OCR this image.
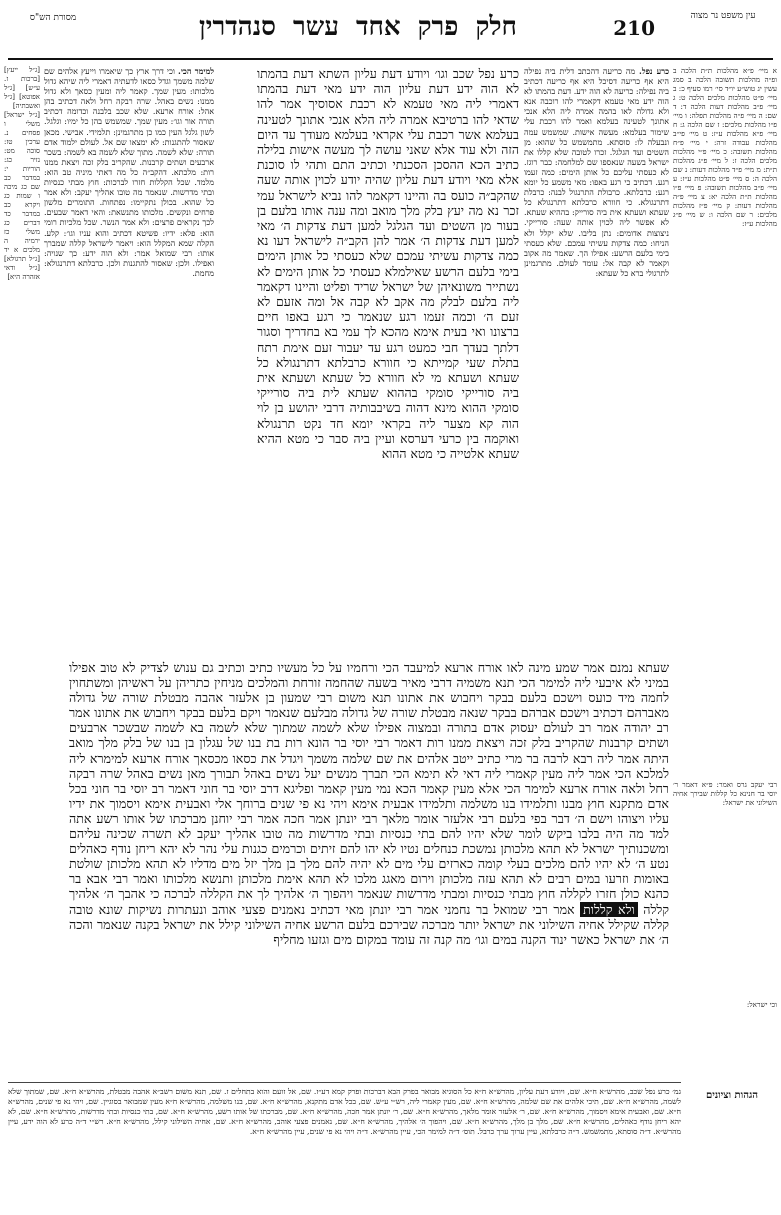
עין משפט נר מצוה
210
חלק פרק אחד עשר סנהדרין
מסורת הש"ס
א מיי׳ פ״א מהלכות ת״ת הלכה ב ופ״ה מהלכות תשובה הלכה ב סמג עשין יג טוש״ע יו״ד סי׳ רמו סעיף כ: ב מיי׳ פ״ט מהלכות מלכים הלכה ט: ג מיי׳ פ״ב מהלכות דעות הלכה ד: ד שם: ה מיי׳ פ״ה מהלכות תפלה: ו מיי׳ פ״ו מהלכות מלכים: ז שם הלכה ג: ח מיי׳ פ״א מהלכות ע״ז: ט מיי׳ פי״ב מהלכות עבודה זרה: י מיי׳ פ״ח מהלכות תשובה: כ מיי׳ פ״י מהלכות מלכים הלכה ז: ל מיי׳ פ״ג מהלכות ת״ת: מ מיי׳ פ״ד מהלכות דעות: נ שם הלכה ה: ס מיי׳ פ״ט מהלכות ע״ז: ע מיי׳ פ״ב מהלכות תשובה: פ מיי׳ פ״ו מהלכות ת״ת הלכה יא: צ מיי׳ פ״ה מהלכות דעות: ק מיי׳ פ״ז מהלכות מלכים: ר שם הלכה ו: ש מיי׳ פ״ג מהלכות ע״ז:
רבי יעקב גרס ואמר: פ״א דאמר ר׳ יוסי בר חנינא כל קללות שבירך אחיה השילוני את ישראל:
וכי ישראל:
[ג״ל ייעץ] [ברכות ז. ע״ש] [ג״ל אפוטא] [ג״ל ואשבתיה] [ג״ל ישראל] משלי ו פסחים נ. ערכין טז: סוכה מט: נזיר כג: הוריות י: במדבר כב שם כג מיכה ו שמות כג ויקרא כב במדבר כד דברים כג משלי כז ירמיה ה מלכים א יד [ג״ל תרגולא] [ג״ל ודאי אזהרה היא]
כרע נפל. מה כריעה דהכתב דלית ביה נפילה היא אף כריעה דסיכל היא אף כריעה דכתיב ביה נפילה: כריעה לא הוה ידע. דעת בהמתו לא הוה ידע מאי טעמא דקאמרי להו רוכבה אנא ולא גדולה לאו בהמה אמרה ליה הלא אנכי אתונך לטעינה בעלמא ואמר להו רכבת עלי שימור בעלמא: מעשה אישות. שמשמש עמה ונבעלה לו: סוסתא. מתמשמש כל שהוא: מן השטים ועד הגלגל. זכרו לטובה שלא קללו את ישראל בשעה שנאספו שם למלחמה: כבר רוגז. לא כעסתי עליכם כל אותן הימים: כמה זעמו רגע. דכתיב כי רגע באפו: מאי משמע כל יומא רגע: כרבלתא. כרבולת התרנגול לבנה: כרבלת דתרנגולא. כי חוורא כרבלתא דתרנגולא כל שעתא ושעתא אית ביה סורייק: בההיא שעתא. לא אפשר ליה לכוין אותה שעה: סורייקי. ניצוצות אדומים: נתן בליבו. שלא יקלל ולא הניחו: כמה צדקות עשיתי עמכם. שלא כעסתי בימי בלעם הרשע: אפילו הך. שאמר מה אקוב וקאמר לא קבה אל: עומד לעולם. מתרגמינן לתרגולי ברא כל שעתא:
כרע נפל שכב וגו׳ ויודע דעת עליון השתא דעת בהמתו לא הוה ידע דעת עליון הוה ידע מאי דעת בהמתו דאמרי ליה מאי טעמא לא רכבת אסוסיך אמר להו שדאי להו ברטיבא אמרה ליה הלא אנכי אתונך לטעינה בעלמא אשר רכבת עלי אקראי בעלמא מעודך עד היום הזה ולא עוד אלא שאני עושה לך מעשה אישות בלילה כתיב הכא ההסכן הסכנתי וכתיב התם ותהי לו סוכנת אלא מאי ויודע דעת עליון שהיה יודע לכוין אותה שעה שהקב״ה כועס בה והיינו דקאמר להו נביא לישראל עמי זכר נא מה יעץ בלק מלך מואב ומה ענה אותו בלעם בן בעור מן השטים ועד הגלגל למען דעת צדקות ה׳ מאי למען דעת צדקות ה׳ אמר להן הקב״ה לישראל דעו נא כמה צדקות עשיתי עמכם שלא כעסתי כל אותן הימים בימי בלעם הרשע שאילמלא כעסתי כל אותן הימים לא נשתייר משונאיהן של ישראל שריד ופליט והיינו דקאמר ליה בלעם לבלק מה אקב לא קבה אל ומה אזעם לא זעם ה׳ וכמה זעמו רגע שנאמר כי רגע באפו חיים ברצונו ואי בעית אימא מהכא לך עמי בא בחדריך וסגור דלתך בעדך חבי כמעט רגע עד יעבור זעם אימת רתח בתלת שעי קמייתא כי חוורא כרבלתא דתרנגולא כל שעתא ושעתא מי לא חוורא כל שעתא ושעתא אית ביה סורייקי סומקי בההוא שעתא לית ביה סורייקי סומקי ההוא מינא דהוה בשיבבותיה דרבי יהושע בן לוי הוה קא מצער ליה בקראי יומא חד נקט תרנגולא ואוקמה בין כרעי דערסא ועיין ביה סבר כי מטא ההיא שעתא אלטייה כי מטא ההוא
למימר הכי. וכי דרך ארץ כך שיאמרו וייעץ אלהים שם שלמה משמך וגדל כסאו לדעתיה דאמרי ליה שיהא גדול מלכותו: מעין שמך. קאמר ליה ומעין כסאך ולא גדול ממנו: נשים באהל. שרה רבקה רחל ולאה דכתיב בהן אהל: אורח ארעא. שלא שכב בלבנה וכדומה דכתיב תורה אור וגו׳: מעין שמך. שמשמש בהן כל ימיו: וגלגל. לשון גלגל העין כמו כן מתרגמינן: תלמידי. אבישי. מכאן שאסור להתגנות: לא ימצאו שם אל. לעולם ילמוד אדם תורה: שלא לשמה. מתוך שלא לשמה בא לשמה: בשכר ארבעים ושתים קרבנות. שהקריב בלק זכה ויצאת ממנו רות: מלכתא. דהקב״ה כל מה דאתי מיניה טב הוא: מלמד. שכל הקללות חזרו לברכות: חוץ מבתי כנסיות ובתי מדרשות. שנאמר מה טובו אהליך יעקב: ולא אמר כל שהוא. בכולן נתקיימו: נפתחות. התומרים מלשון פרחים ונקשים. מלכותו מתנשאת: והאי דאמר שבעים. לכך נקראים פרצים: ולא אמר הנשר. שכל מלכיות רומי הוא: פלא: ידיו: פשיטא דכתיב והוא עניו וגו׳: קלע. הקלה שמא המקלל הוא: ויאמר לישראל קללה שמברך אותו: רבי שמואל אמר: ולא הוה ידע: כך שנויה: ואפילו. ולכן: שאסור להתגנות ולכן. כרבלתא דתרנגולא: מחמת.
שעתא נמנם אמר שמע מינה לאו אורח ארעא למיעבד הכי ורחמיו על כל מעשיו כתיב וכתיב גם ענוש לצדיק לא טוב אפילו במיני לא איבעי ליה למימר הכי תנא משמיה דרבי מאיר בשעה שהחמה זורחת והמלכים מניחין כתריהן על ראשיהן ומשתחוין לחמה מיד כועס וישכם בלעם בבקר ויחבוש את אתונו תנא משום רבי שמעון בן אלעזר אהבה מבטלת שורה של גדולה מאברהם דכתיב וישכם אברהם בבקר שנאה מבטלת שורה של גדולה מבלעם שנאמר ויקם בלעם בבקר ויחבוש את אתונו אמר רב יהודה אמר רב לעולם יעסוק אדם בתורה ובמצוה אפילו שלא לשמה שמתוך שלא לשמה בא לשמה שבשכר ארבעים ושתים קרבנות שהקריב בלק זכה ויצאת ממנו רות דאמר רבי יוסי בר הונא רות בת בנו של עגלון בן בנו של בלק מלך מואב היתה אמר ליה רבא לרבה בר מרי כתיב ייטב אלהים את שם שלמה משמך ויגדל את כסאו מכסאך אורח ארעא למימרא ליה למלכא הכי אמר ליה מעין קאמרי ליה דאי לא תימא הכי תברך מנשים יעל נשים באהל תבורך מאן נשים באהל שרה רבקה רחל ולאה אורח ארעא למימר הכי אלא מעין קאמר הכא נמי מעין קאמר ופליגא דרב יוסי בר חוני דאמר רב יוסי בר חוני בכל אדם מתקנא חוץ מבנו ותלמידו בנו משלמה ותלמידו אבעית אימא ויהי נא פי שנים ברוחך אלי ואבעית אימא ויסמוך את ידיו עליו ויצוהו וישם ה׳ דבר בפי בלעם רבי אלעזר אומר מלאך רבי יונתן אמר חכה אמר רבי יוחנן מברכתו של אותו רשע אתה למד מה היה בלבו ביקש לומר שלא יהיו להם בתי כנסיות ובתי מדרשות מה טובו אהליך יעקב לא תשרה שכינה עליהם ומשכנותיך ישראל לא תהא מלכותן נמשכת כנחלים נטיו לא יהו להם זיתים וכרמים כגנות עלי נהר לא יהא ריחן נודף כאהלים נטע ה׳ לא יהיו להם מלכים בעלי קומה כארזים עלי מים לא יהיה להם מלך בן מלך יזל מים מדליו לא תהא מלכותן שולטת באומות וזרעו במים רבים לא תהא עזה מלכותן וירום מאגג מלכו לא תהא אימת מלכותן ותנשא מלכותו ואמר רבי אבא בר כהנא כולן חזרו לקללה חוץ מבתי כנסיות ומבתי מדרשות שנאמר ויהפוך ה׳ אלהיך לך את הקללה לברכה כי אהבך ה׳ אלהיך קללה ולא קללות אמר רבי שמואל בר נחמני אמר רבי יונתן מאי דכתיב נאמנים פצעי אוהב ונעתרות נשיקות שונא טובה קללה שקילל אחיה השילוני את ישראל יותר מברכה שבירכם בלעם הרשע אחיה השילוני קילל את ישראל בקנה שנאמר והכה ה׳ את ישראל כאשר ינוד הקנה במים וגו׳ מה קנה זה עומד במקום מים וגזעו מחליף
הגהות וציונים
גמ׳ כרע נפל שכב, מהרש״א ח״א. שם, ויודע דעת עליון, מהרש״א ח״א כל הסוגיא מבואר בפרק הבא דברכות ופרק קמא דע״ז. שם, אל זועם והוא בתחלים ז. שם, תנא משום רשב״א אהבה מבטלת, מהרש״א ח״א. שם, שמתוך שלא לשמה, מהרש״א ח״א. שם, תיכי אלהים את שם שלמה, מהרש״א ח״א. שם, מעין קאמרי ליה, רש״י ע״ש. שם, בכל אדם מתקנא, מהרש״א ח״א. שם, בנו משלמה, מהרש״א ח״א מעין שמבואר בסוגיין. שם, ויהי נא פי שנים, מהרש״א ח״א. שם, ואבעית אימא ויסמוך, מהרש״א ח״א. שם, ר׳ אלעזר אומר מלאך, מהרש״א ח״א. שם, ר׳ יונתן אמר חכה, מהרש״א ח״א. שם, מברכתו של אותו רשע, מהרש״א ח״א. שם, בתי כנסיות ובתי מדרשות, מהרש״א ח״א. שם, לא יהא ריחן נודף כאהלים, מהרש״א ח״א. שם, מלך בן מלך, מהרש״א ח״א. שם, ויהפוך ה׳ אלהיך, מהרש״א ח״א. שם, נאמנים פצעי אוהב, מהרש״א ח״א. שם, אחיה השילוני קילל, מהרש״א ח״א. רש״י ד״ה כרע לא הוה ידע, עיין מהרש״א. ד״ה סוסתא, מתמשמש. ד״ה כרבלתא, עיין ערוך ערך כרבל. תוס׳ ד״ה למימר הכי, עיין מהרש״א. ד״ה ויהי נא פי שנים, עיין מהרש״א ח״א.
